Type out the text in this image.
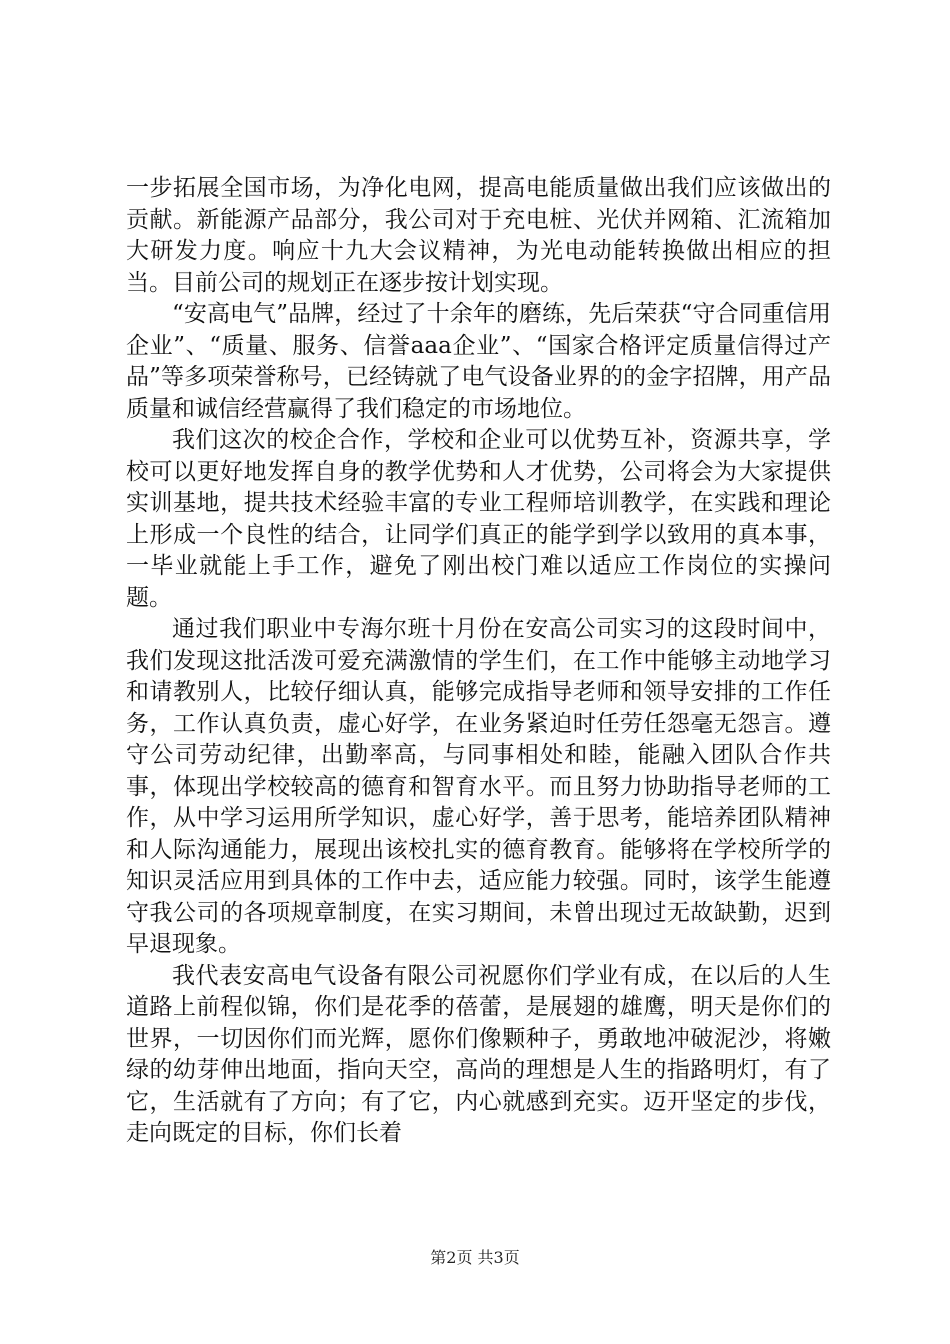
一步拓展全国市场，为净化电网，提高电能质量做出我们应该做出的贡献。新能源产品部分，我公司对于充电桩、光伏并网箱、汇流箱加大研发力度。响应十九大会议精神，为光电动能转换做出相应的担当。目前公司的规划正在逐步按计划实现。

“安高电气”品牌，经过了十余年的磨练，先后荣获“守合同重信用企业”、“质量、服务、信誉aaa企业”、“国家合格评定质量信得过产品”等多项荣誉称号，已经铸就了电气设备业界的的金字招牌，用产品质量和诚信经营赢得了我们稳定的市场地位。

我们这次的校企合作，学校和企业可以优势互补，资源共享，学校可以更好地发挥自身的教学优势和人才优势，公司将会为大家提供实训基地，提共技术经验丰富的专业工程师培训教学，在实践和理论上形成一个良性的结合，让同学们真正的能学到学以致用的真本事，一毕业就能上手工作，避免了刚出校门难以适应工作岗位的实操问题。

通过我们职业中专海尔班十月份在安高公司实习的这段时间中，我们发现这批活泼可爱充满激情的学生们，在工作中能够主动地学习和请教别人，比较仔细认真，能够完成指导老师和领导安排的工作任务，工作认真负责，虚心好学，在业务紧迫时任劳任怨毫无怨言。遵守公司劳动纪律，出勤率高，与同事相处和睦，能融入团队合作共事，体现出学校较高的德育和智育水平。而且努力协助指导老师的工作，从中学习运用所学知识，虚心好学，善于思考，能培养团队精神和人际沟通能力，展现出该校扎实的德育教育。能够将在学校所学的知识灵活应用到具体的工作中去，适应能力较强。同时，该学生能遵守我公司的各项规章制度，在实习期间，未曾出现过无故缺勤，迟到早退现象。

我代表安高电气设备有限公司祝愿你们学业有成，在以后的人生道路上前程似锦，你们是花季的蓓蕾，是展翅的雄鹰，明天是你们的世界，一切因你们而光辉，愿你们像颗种子，勇敢地冲破泥沙，将嫩绿的幼芽伸出地面，指向天空，高尚的理想是人生的指路明灯，有了它，生活就有了方向；有了它，内心就感到充实。迈开坚定的步伐，走向既定的目标，你们长着

第2页 共3页
